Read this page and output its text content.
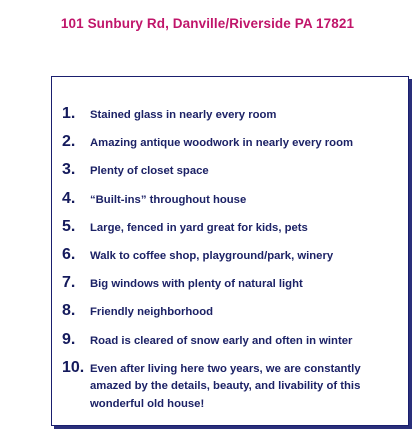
101 Sunbury Rd, Danville/Riverside PA 17821
1.	Stained glass in nearly every room
2.	Amazing antique woodwork in nearly every room
3.	Plenty of closet space
4.	“Built-ins” throughout house
5.	Large, fenced in yard great for kids, pets
6.	Walk to coffee shop, playground/park, winery
7.	Big windows with plenty of natural light
8.	Friendly neighborhood
9.	Road is cleared of snow early and often in winter
10. Even after living here two years, we are constantly amazed by the details, beauty, and livability of this wonderful old house!
